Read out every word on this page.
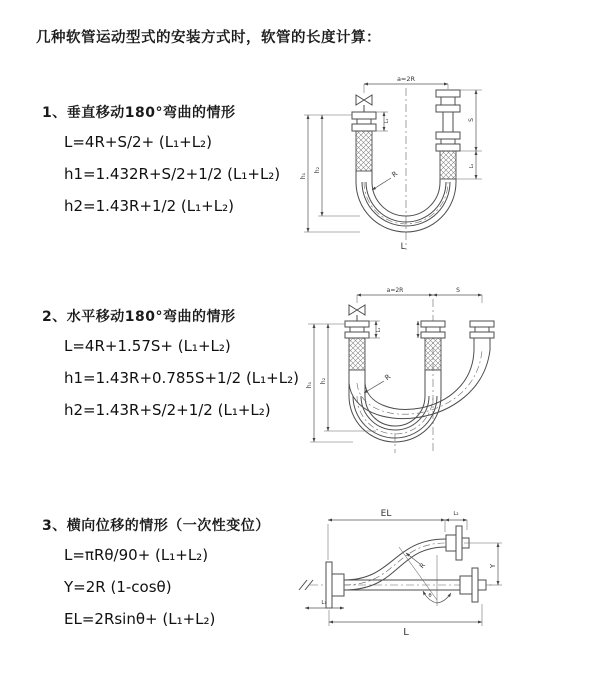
几种软管运动型式的安装方式时，软管的长度计算：
1、垂直移动180°弯曲的情形
L=4R+S/2+ (L₁+L₂)
h1=1.432R+S/2+1/2 (L₁+L₂)
h2=1.43R+1/2 (L₁+L₂)
2、水平移动180°弯曲的情形
L=4R+1.57S+ (L₁+L₂)
h1=1.43R+0.785S+1/2 (L₁+L₂)
h2=1.43R+S/2+1/2 (L₁+L₂)
3、横向位移的情形（一次性变位）
L=πRθ/90+ (L₁+L₂)
Y=2R (1-cosθ)
EL=2Rsinθ+ (L₁+L₂)
a=2R
h₁
h₂
L₁	S
L₂
R
L
a=2R	S
h₁
h₂
L₁
R
EL	L₂
Y
θ
R
L₁
L
